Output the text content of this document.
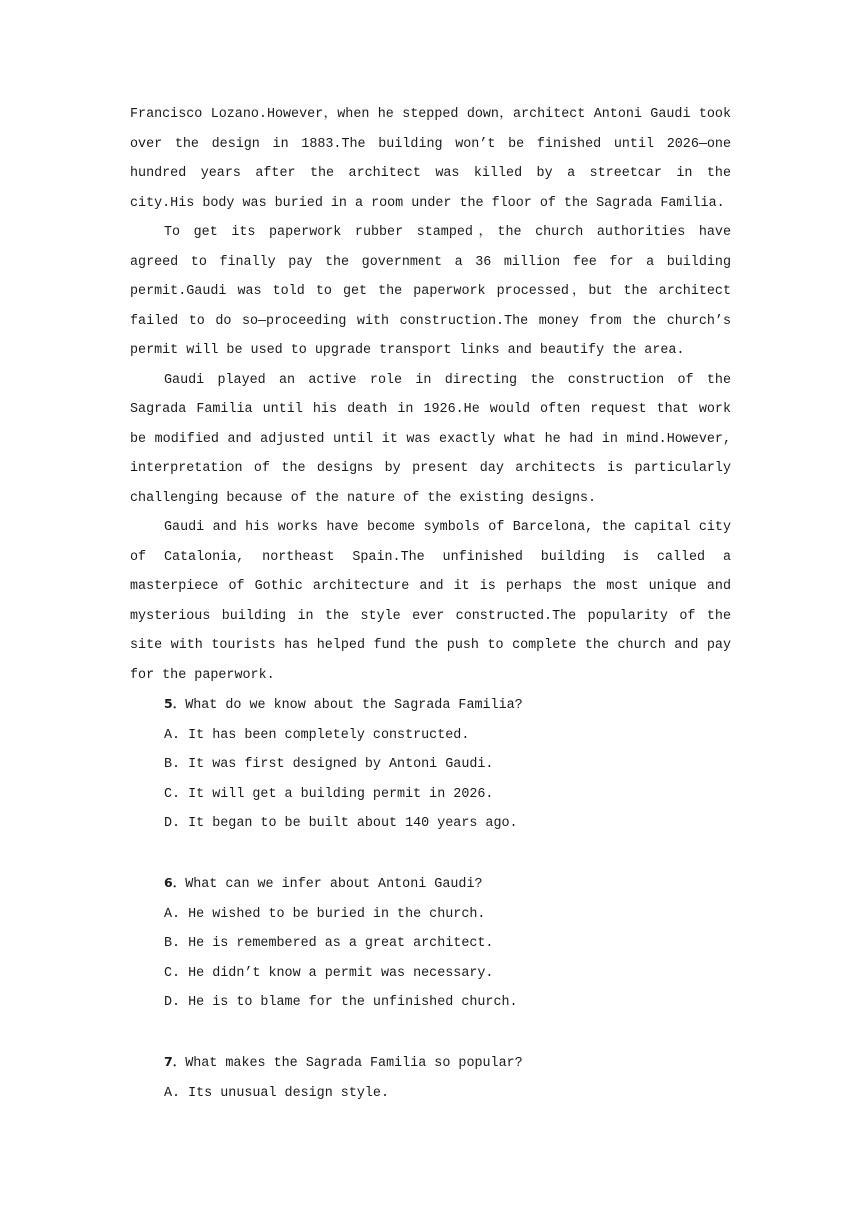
Francisco Lozano.However，when he stepped down，architect Antoni Gaudi took over the design in 1883.The building won’t be finished until 2026—one hundred years after the architect was killed by a streetcar in the city.His body was buried in a room under the floor of the Sagrada Familia.

To get its paperwork rubber stamped，the church authorities have agreed to finally pay the government a 36 million fee for a building permit.Gaudi was told to get the paperwork processed，but the architect failed to do so—proceeding with construction.The money from the church’s permit will be used to upgrade transport links and beautify the area.

Gaudi played an active role in directing the construction of the Sagrada Familia until his death in 1926.He would often request that work be modified and adjusted until it was exactly what he had in mind.However, interpretation of the designs by present day architects is particularly challenging because of the nature of the existing designs.

Gaudi and his works have become symbols of Barcelona, the capital city of Catalonia, northeast Spain.The unfinished building is called a masterpiece of Gothic architecture and it is perhaps the most unique and mysterious building in the style ever constructed.The popularity of the site with tourists has helped fund the push to complete the church and pay for the paperwork.

5．What do we know about the Sagrada Familia?

A. It has been completely constructed.

B. It was first designed by Antoni Gaudi.

C. It will get a building permit in 2026.

D. It began to be built about 140 years ago.

6．What can we infer about Antoni Gaudi?

A. He wished to be buried in the church.

B. He is remembered as a great architect.

C. He didn’t know a permit was necessary.

D. He is to blame for the unfinished church.

7．What makes the Sagrada Familia so popular?

A. Its unusual design style.
